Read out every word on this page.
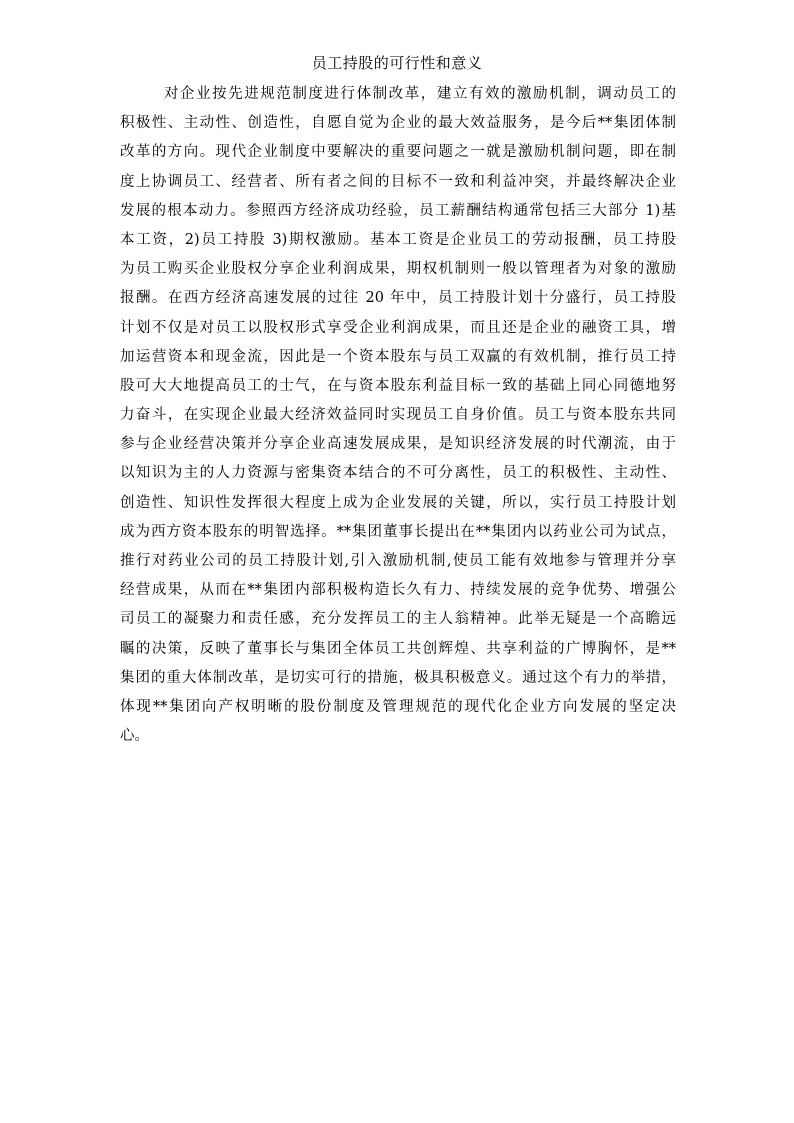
员工持股的可行性和意义
对企业按先进规范制度进行体制改革，建立有效的激励机制，调动员工的
积极性、主动性、创造性，自愿自觉为企业的最大效益服务，是今后**集团体制
改革的方向。现代企业制度中要解决的重要问题之一就是激励机制问题，即在制
度上协调员工、经营者、所有者之间的目标不一致和利益冲突，并最终解决企业
发展的根本动力。参照西方经济成功经验，员工薪酬结构通常包括三大部分 1)基
本工资，2)员工持股 3)期权激励。基本工资是企业员工的劳动报酬，员工持股
为员工购买企业股权分享企业利润成果，期权机制则一般以管理者为对象的激励
报酬。在西方经济高速发展的过往 20 年中，员工持股计划十分盛行，员工持股
计划不仅是对员工以股权形式享受企业利润成果，而且还是企业的融资工具，增
加运营资本和现金流，因此是一个资本股东与员工双赢的有效机制，推行员工持
股可大大地提高员工的士气，在与资本股东利益目标一致的基础上同心同德地努
力奋斗，在实现企业最大经济效益同时实现员工自身价值。员工与资本股东共同
参与企业经营决策并分享企业高速发展成果，是知识经济发展的时代潮流，由于
以知识为主的人力资源与密集资本结合的不可分离性，员工的积极性、主动性、
创造性、知识性发挥很大程度上成为企业发展的关键，所以，实行员工持股计划
成为西方资本股东的明智选择。**集团董事长提出在**集团内以药业公司为试点，
推行对药业公司的员工持股计划,引入激励机制,使员工能有效地参与管理并分享
经营成果，从而在**集团内部积极构造长久有力、持续发展的竞争优势、增强公
司员工的凝聚力和责任感，充分发挥员工的主人翁精神。此举无疑是一个高瞻远
瞩的决策，反映了董事长与集团全体员工共创辉煌、共享利益的广博胸怀，是**
集团的重大体制改革，是切实可行的措施，极具积极意义。通过这个有力的举措，
体现**集团向产权明晰的股份制度及管理规范的现代化企业方向发展的坚定决
心。
